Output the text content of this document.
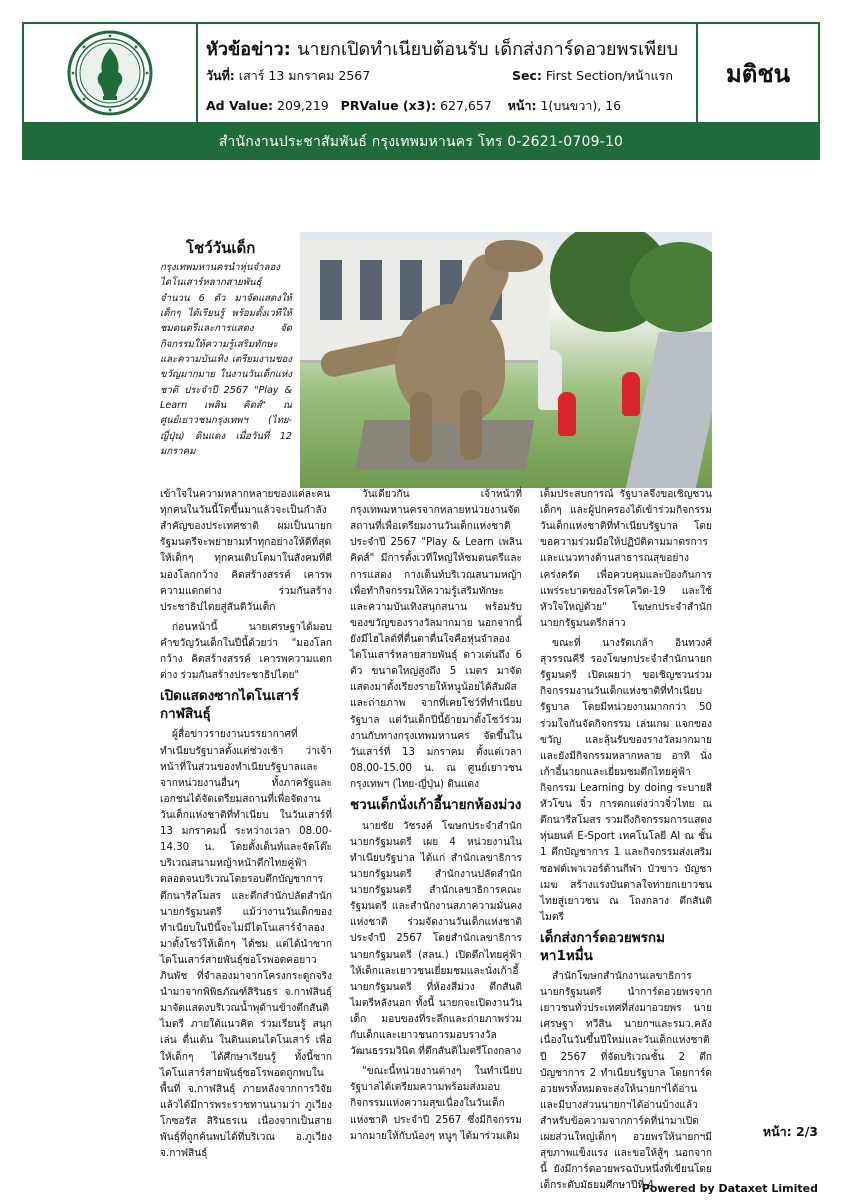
หัวข้อข่าว: นายกเปิดทำเนียบต้อนรับ เด็กส่งการ์ดอวยพรเพียบ
วันที่: เสาร์ 13 มกราคม 2567	Sec: First Section/หน้าแรก
Ad Value: 209,219 PRValue (x3): 627,657 หน้า: 1(บนขวา), 16
มติชน
สำนักงานประชาสัมพันธ์ กรุงเทพมหานคร โทร 0-2621-0709-10
โชว์วันเด็ก
กรุงเทพมหานครนำหุ่นจำลองไดโนเสาร์หลากสายพันธุ์ จำนวน 6 ตัว มาจัดแสดงให้เด็กๆ ได้เรียนรู้ พร้อมตั้งเวทีให้ชมดนตรีและการแสดง จัดกิจกรรมให้ความรู้เสริมทักษะและความบันเทิง เตรียมงานของขวัญมากมาย ในงานวันเด็กแห่งชาติ ประจำปี 2567 "Play & Learn เพลิน คิดส์" ณ ศูนย์เยาวชนกรุงเทพฯ (ไทย-ญี่ปุ่น) ดินแดง เมื่อวันที่ 12 มกราคม

เข้าใจในความหลากหลายของแต่ละคน ทุกคนในวันนี้โตขึ้นมาแล้วจะเป็นกำลังสำคัญของประเทศชาติ ผมเป็นนายกรัฐมนตรีจะพยายามทำทุกอย่างให้ดีที่สุด ให้เด็กๆ ทุกคนเติบโตมาในสังคมที่ดี มองโลกกว้าง คิดสร้างสรรค์ เคารพความแตกต่าง ร่วมกันสร้างประชาธิปไตยสู่สันติวันเด็ก

ก่อนหน้านี้ นายเศรษฐาได้มอบคำขวัญวันเด็กในปีนี้ด้วยว่า "มองโลกกว้าง คิดสร้างสรรค์ เคารพความแตกต่าง ร่วมกันสร้างประชาธิปไตย"

เปิดแสดงซากไดโนเสาร์กาฬสินธุ์

ผู้สื่อข่าวรายงานบรรยากาศที่ทำเนียบรัฐบาลตั้งแต่ช่วงเช้า ว่าเจ้าหน้าที่ในส่วนของทำเนียบรัฐบาลและจากหน่วยงานอื่นๆ ทั้งภาครัฐและเอกชนได้จัดเตรียมสถานที่เพื่อจัดงานวันเด็กแห่งชาติที่ทำเนียบ ในวันเสาร์ที่ 13 มกราคมนี้ ระหว่างเวลา 08.00-14.30 น. โดยตั้งเต็นท์และจัดโต๊ะบริเวณสนามหญ้าหน้าตึกไทยคู่ฟ้า ตลอดจนบริเวณโดยรอบตึกบัญชาการ ตึกนารีสโมสร และตึกสำนักปลัดสำนักนายกรัฐมนตรี แม้ว่างานวันเด็กของทำเนียบในปีนี้จะไม่มีไดโนเสาร์จำลองมาตั้งโชว์ให้เด็กๆ ได้ชม แต่ได้นำซากไดโนเสาร์สายพันธุ์ซอโรพอดคอยาว ภินพัช ที่จำลองมาจากโครงกระดูกจริงนำมาจากพิพิธภัณฑ์สิรินธร จ.กาฬสินธุ์ มาจัดแสดงบริเวณน้ำพุด้านข้างตึกสันติไมตรี ภายใต้แนวคิด ร่วมเรียนรู้ สนุกเล่น ตื่นเต้น ในดินแดนไดโนเสาร์ เพื่อให้เด็กๆ ได้ศึกษาเรียนรู้ ทั้งนี้ซากไดโนเสาร์สายพันธุ์ซอโรพอดถูกพบในพื้นที่ จ.กาฬสินธุ์ ภายหลังจากการวิจัยแล้วได้มีการพระราชทานนามว่า ภูเวียงโกซอรัส สิรินธรเน เนื่องจากเป็นสายพันธุ์ที่ถูกค้นพบได้ที่บริเวณ อ.ภูเวียง จ.กาฬสินธุ์

วันเดียวกัน เจ้าหน้าที่กรุงเทพมหานครจากหลายหน่วยงานจัดสถานที่เพื่อเตรียมงานวันเด็กแห่งชาติ ประจำปี 2567 "Play & Learn เพลิน คิดส์" มีการตั้งเวทีใหญ่ให้ชมดนตรีและการแสดง กางเต็นท์บริเวณสนามหญ้าเพื่อทำกิจกรรมให้ความรู้เสริมทักษะ และความบันเทิงสนุกสนาน พร้อมรับของขวัญของรางวัลมากมาย นอกจากนี้ยังมีไฮไลต์ที่ตื่นตาตื่นใจคือหุ่นจำลองไดโนเสาร์หลายสายพันธุ์ ดาวเด่นถึง 6 ตัว ขนาดใหญ่สูงถึง 5 เมตร มาจัดแสดงมาตั้งเรียงรายให้หนูน้อยได้สัมผัสและถ่ายภาพ จากที่เคยโชว์ที่ทำเนียบรัฐบาล แต่วันเด็กปีนี้ย้ายมาตั้งโชว์ร่วมงานกับทางกรุงเทพมหานคร จัดขึ้นในวันเสาร์ที่ 13 มกราคม ตั้งแต่เวลา 08.00-15.00 น. ณ ศูนย์เยาวชนกรุงเทพฯ (ไทย-ญี่ปุ่น) ดินแดง

ชวนเด็กนั่งเก้าอี้นายกห้องม่วง

นายชัย วัชรงค์ โฆษกประจำสำนักนายกรัฐมนตรี เผย 4 หน่วยงานในทำเนียบรัฐบาล ได้แก่ สำนักเลขาธิการนายกรัฐมนตรี สำนักงานปลัดสำนักนายกรัฐมนตรี สำนักเลขาธิการคณะรัฐมนตรี และสำนักงานสภาความมั่นคงแห่งชาติ ร่วมจัดงานวันเด็กแห่งชาติ ประจำปี 2567 โดยสำนักเลขาธิการนายกรัฐมนตรี (สลน.) เปิดตึกไทยคู่ฟ้าให้เด็กและเยาวชนเยี่ยมชมและนั่งเก้าอี้นายกรัฐมนตรี ที่ห้องสีม่วง ตึกสันติไมตรีหลังนอก ทั้งนี้ นายกจะเปิดงานวันเด็ก มอบของที่ระลึกและถ่ายภาพร่วมกับเด็กและเยาวชนการมอบรางวัลวัฒนธรรมวินิต ที่ตึกสันติไมตรีโถงกลาง

"ขณะนี้หน่วยงานต่างๆ ในทำเนียบรัฐบาลได้เตรียมความพร้อมส่งมอบกิจกรรมแห่งความสุขเนื่องในวันเด็กแห่งชาติ ประจำปี 2567 ซึ่งมีกิจกรรมมากมายให้กับน้องๆ หนูๆ ได้มาร่วมเติม

เต็มประสบการณ์ รัฐบาลจึงขอเชิญชวนเด็กๆ และผู้ปกครองได้เข้าร่วมกิจกรรมวันเด็กแห่งชาติที่ทำเนียบรัฐบาล โดยขอความร่วมมือให้ปฏิบัติตามมาตรการและแนวทางด้านสาธารณสุขอย่างเคร่งครัด เพื่อควบคุมและป้องกันการแพร่ระบาดของโรคโควิด-19 และใช้หัวใจใหญ่ด้วย" โฆษกประจำสำนักนายกรัฐมนตรีกล่าว

ขณะที่ นางรัดเกล้า อินทวงศ์ สุวรรณคีรี รองโฆษกประจำสำนักนายกรัฐมนตรี เปิดเผยว่า ขอเชิญชวนร่วมกิจกรรมงานวันเด็กแห่งชาติที่ทำเนียบรัฐบาล โดยมีหน่วยงานมากกว่า 50 ร่วมใจกันจัดกิจกรรม เล่นเกม แจกของขวัญ และลุ้นรับของรางวัลมากมาย และยังมีกิจกรรมหลากหลาย อาทิ นั่งเก้าอี้นายกและเยี่ยมชมตึกไทยคู่ฟ้า กิจกรรม Learning by doing ระบายสีหัวโขน จิ๋ว การตกแต่งว่าวจิ๋วไทย ณ ตึกนารีสโมสร รวมถึงกิจกรรมการแสดงหุ่นยนต์ E-Sport เทคโนโลยี AI ณ ชั้น 1 ตึกบัญชาการ 1 และกิจกรรมส่งเสริมซอฟต์เพาเวอร์ด้านกีฬา บัวขาว บัญชาเมฆ สร้างแรงบันดาลใจท่ายกเยาวชนไทยสู่เยาวชน ณ โถงกลาง ตึกสันติไมตรี

เด็กส่งการ์ดอวยพรกมหา1หมื่น

สำนักโฆษกสำนักงานเลขาธิการนายกรัฐมนตรี นำการ์ดอวยพรจากเยาวชนทั่วประเทศที่ส่งมาอวยพร นายเศรษฐา ทวีสิน นายกฯและรมว.คลัง เนื่องในวันขึ้นปีใหม่และวันเด็กแห่งชาติ ปี 2567 ที่จัดบริเวณชั้น 2 ตึกบัญชาการ 2 ทำเนียบรัฐบาล โดยการ์ดอวยพรทั้งหมดจะส่งให้นายกฯได้อ่าน และมีบางส่วนนายกฯได้อ่านบ้างแล้ว สำหรับข้อความจากการ์ดที่น่ามาเปิดเผยส่วนใหญ่เด็กๆ อวยพรให้นายกฯมีสุขภาพแข็งแรง และขอให้สู้ๆ นอกจากนี้ ยังมีการ์ดอวยพรฉบับหนึ่งที่เขียนโดยเด็กระดับมัธยมศึกษาปีที่ 4

หน้า: 2/3
Powered by Dataxet Limited
